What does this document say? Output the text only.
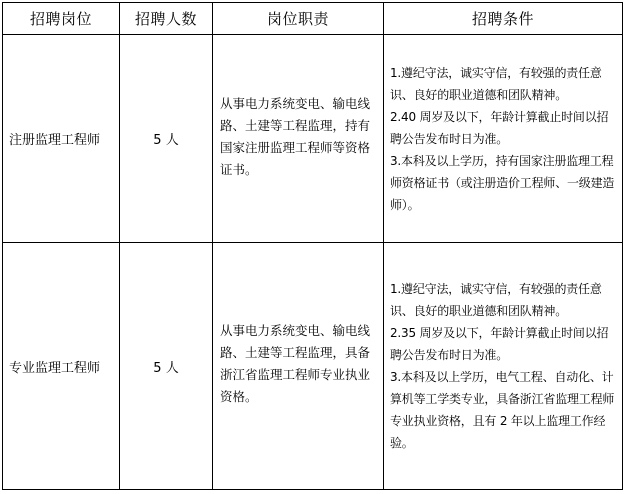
招聘岗位	招聘人数	岗位职责	招聘条件
注册监理工程师	5 人	从事电力系统变电、输电线路、土建等工程监理，持有国家注册监理工程师等资格证书。	1.遵纪守法，诚实守信，有较强的责任意识、良好的职业道德和团队精神。
2.40 周岁及以下，年龄计算截止时间以招聘公告发布时日为准。
3.本科及以上学历，持有国家注册监理工程师资格证书（或注册造价工程师、一级建造师）。

专业监理工程师	5 人	从事电力系统变电、输电线路、土建等工程监理，具备浙江省监理工程师专业执业资格。	1.遵纪守法，诚实守信，有较强的责任意识、良好的职业道德和团队精神。
2.35 周岁及以下，年龄计算截止时间以招聘公告发布时日为准。
3.本科及以上学历，电气工程、自动化、计算机等工学类专业，具备浙江省监理工程师专业执业资格，且有 2 年以上监理工作经验。
